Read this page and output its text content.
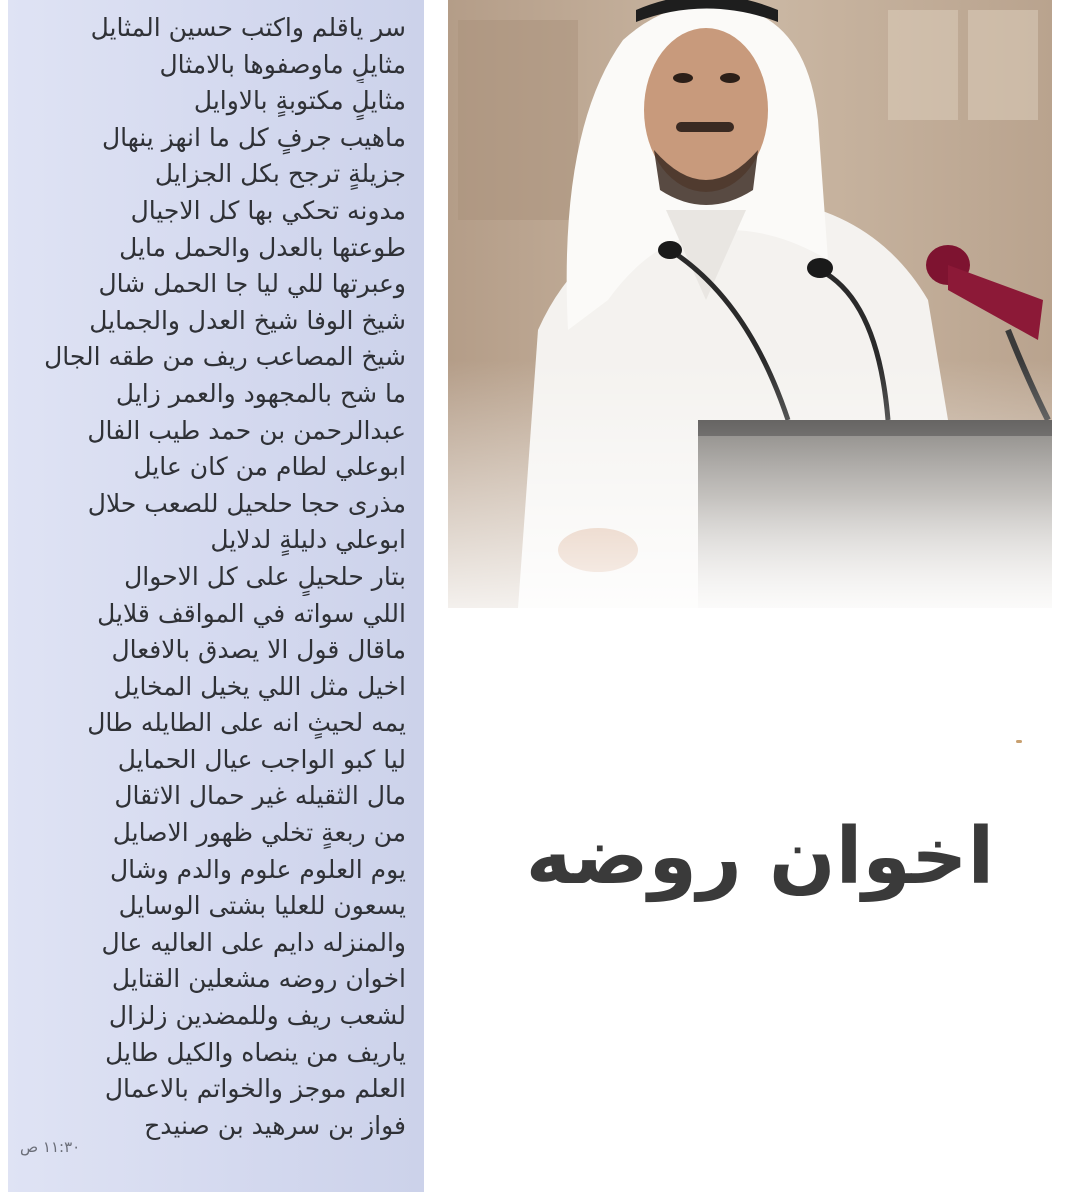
سر ياقلم واكتب حسين المثايل
مثايلٍ ماوصفوها بالامثال
مثايلٍ مكتوبةٍ بالاوايل
ماهيب جرفٍ كل ما انهز ينهال
جزيلةٍ ترجح بكل الجزايل
مدونه تحكي بها كل الاجيال
طوعتها بالعدل والحمل مايل
وعبرتها للي ليا جا الحمل شال
شيخ الوفا شيخ العدل والجمايل
شيخ المصاعب ريف من طقه الجال
ما شح بالمجهود والعمر زايل
عبدالرحمن بن حمد طيب الفال
ابوعلي لطام من كان عايل
مذرى حجا حلحيل للصعب حلال
ابوعلي دليلةٍ لدلايل
بتار حلحيلٍ على كل الاحوال
اللي سواته في المواقف قلايل
ماقال قول الا يصدق بالافعال
اخيل مثل اللي يخيل المخايل
يمه لحيثٍ انه على الطايله طال
ليا كبو الواجب عيال الحمايل
مال الثقيله غير حمال الاثقال
من ربعةٍ تخلي ظهور الاصايل
يوم العلوم علوم والدم وشال
يسعون للعليا بشتى الوسايل
والمنزله دايم على العاليه عال
اخوان روضه مشعلين القتايل
لشعب ريف وللمضدين زلزال
ياريف من ينصاه والكيل طايل
العلم موجز والخواتم بالاعمال
فواز بن سرهيد بن صنيدح
١١:٣٠ ص
اخوان روضه
